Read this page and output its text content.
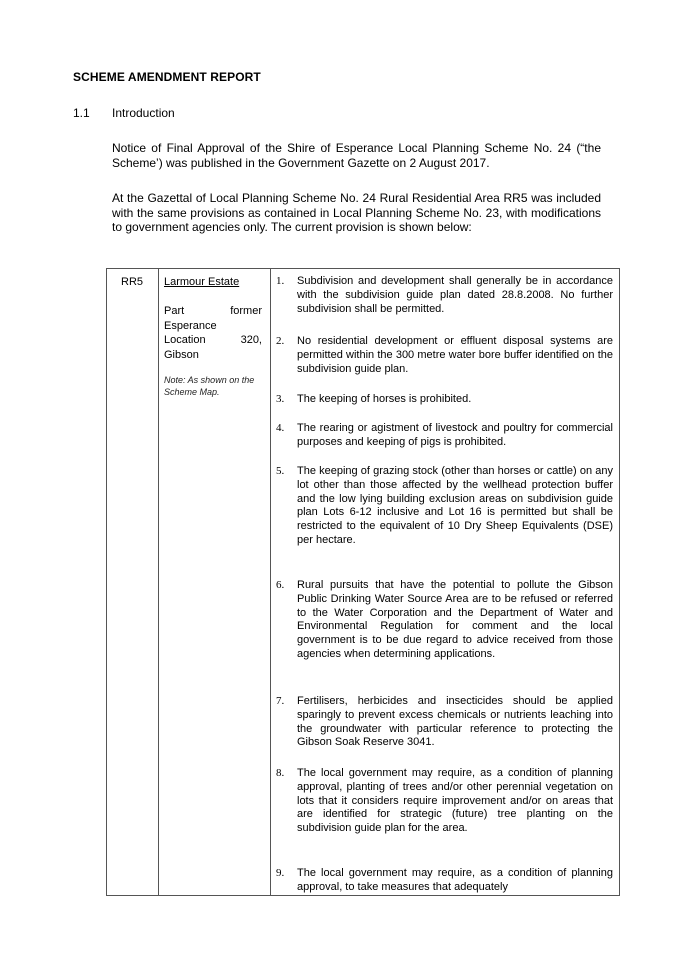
SCHEME AMENDMENT REPORT
1.1 Introduction
Notice of Final Approval of the Shire of Esperance Local Planning Scheme No. 24 (“the Scheme’) was published in the Government Gazette on 2 August 2017.
At the Gazettal of Local Planning Scheme No. 24 Rural Residential Area RR5 was included with the same provisions as contained in Local Planning Scheme No. 23, with modifications to government agencies only. The current provision is shown below:
RR5 Larmour Estate
Part former
Esperance
Location 320,
Gibson
Note: As shown on the Scheme Map.
1. Subdivision and development shall generally be in accordance with the subdivision guide plan dated 28.8.2008. No further subdivision shall be permitted.
2. No residential development or effluent disposal systems are permitted within the 300 metre water bore buffer identified on the subdivision guide plan.
3. The keeping of horses is prohibited.
4. The rearing or agistment of livestock and poultry for commercial purposes and keeping of pigs is prohibited.
5. The keeping of grazing stock (other than horses or cattle) on any lot other than those affected by the wellhead protection buffer and the low lying building exclusion areas on subdivision guide plan Lots 6-12 inclusive and Lot 16 is permitted but shall be restricted to the equivalent of 10 Dry Sheep Equivalents (DSE) per hectare.
6. Rural pursuits that have the potential to pollute the Gibson Public Drinking Water Source Area are to be refused or referred to the Water Corporation and the Department of Water and Environmental Regulation for comment and the local government is to be due regard to advice received from those agencies when determining applications.
7. Fertilisers, herbicides and insecticides should be applied sparingly to prevent excess chemicals or nutrients leaching into the groundwater with particular reference to protecting the Gibson Soak Reserve 3041.
8. The local government may require, as a condition of planning approval, planting of trees and/or other perennial vegetation on lots that it considers require improvement and/or on areas that are identified for strategic (future) tree planting on the subdivision guide plan for the area.
9. The local government may require, as a condition of planning approval, to take measures that adequately
